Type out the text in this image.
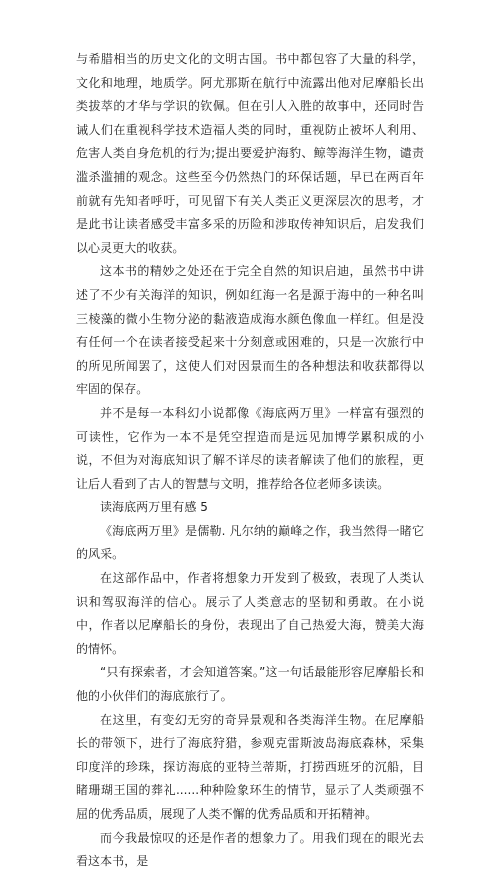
与希腊相当的历史文化的文明古国。书中都包容了大量的科学，文化和地理，地质学。阿尤那斯在航行中流露出他对尼摩船长出类拔萃的才华与学识的钦佩。但在引人入胜的故事中，还同时告诫人们在重视科学技术造福人类的同时，重视防止被坏人利用、危害人类自身危机的行为;提出要爱护海豹、鲸等海洋生物，谴责滥杀滥捕的观念。这些至今仍然热门的环保话题，早已在两百年前就有先知者呼吁，可见留下有关人类正义更深层次的思考，才是此书让读者感受丰富多采的历险和涉取传神知识后，启发我们以心灵更大的收获。

这本书的精妙之处还在于完全自然的知识启迪，虽然书中讲述了不少有关海洋的知识，例如红海一名是源于海中的一种名叫三棱藻的微小生物分泌的黏液造成海水颜色像血一样红。但是没有任何一个在读者接受起来十分刻意或困难的，只是一次旅行中的所见所闻罢了，这使人们对因景而生的各种想法和收获都得以牢固的保存。

并不是每一本科幻小说都像《海底两万里》一样富有强烈的可读性，它作为一本不是凭空捏造而是远见加博学累积成的小说，不但为对海底知识了解不详尽的读者解读了他们的旅程，更让后人看到了古人的智慧与文明，推荐给各位老师多读读。

读海底两万里有感 5

《海底两万里》是儒勒. 凡尔纳的巅峰之作，我当然得一睹它的风采。

在这部作品中，作者将想象力开发到了极致，表现了人类认识和驾驭海洋的信心。展示了人类意志的坚韧和勇敢。在小说中，作者以尼摩船长的身份，表现出了自己热爱大海，赞美大海的情怀。

“只有探索者，才会知道答案。”这一句话最能形容尼摩船长和他的小伙伴们的海底旅行了。

在这里，有变幻无穷的奇异景观和各类海洋生物。在尼摩船长的带领下，进行了海底狩猎，参观克雷斯波岛海底森林，采集印度洋的珍珠，探访海底的亚特兰蒂斯，打捞西班牙的沉船，目睹珊瑚王国的葬礼......种种险象环生的情节，显示了人类顽强不屈的优秀品质，展现了人类不懈的优秀品质和开拓精神。

而今我最惊叹的还是作者的想象力了。用我们现在的眼光去看这本书，是
